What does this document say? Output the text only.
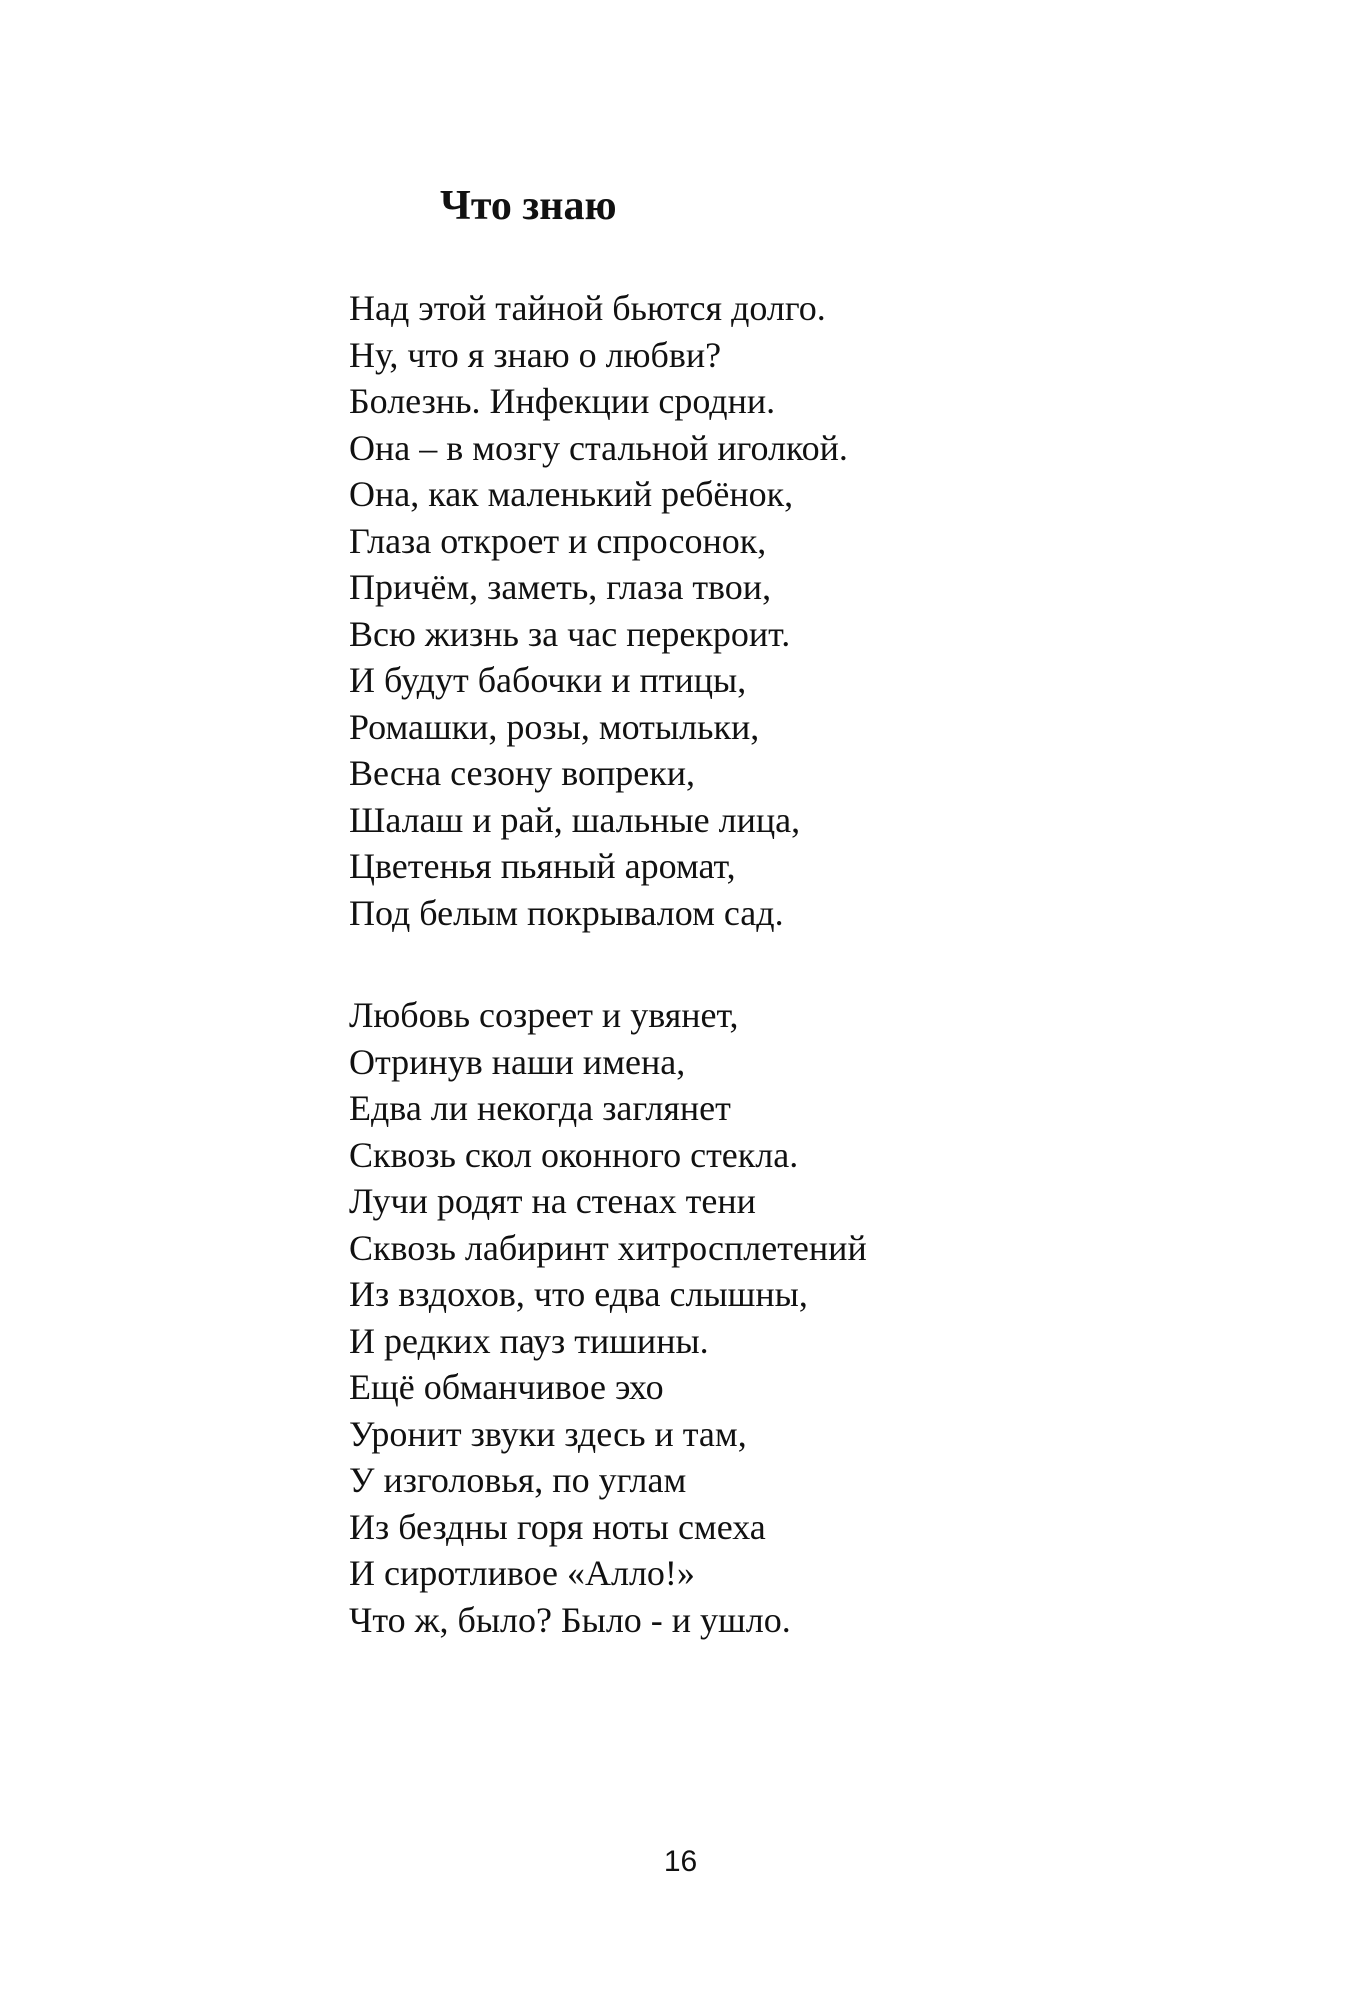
Что знаю
Над этой тайной бьются долго.
Ну, что я знаю о любви?
Болезнь. Инфекции сродни.
Она – в мозгу стальной иголкой.
Она, как маленький ребёнок,
Глаза откроет и спросонок,
Причём, заметь, глаза твои,
Всю жизнь за час перекроит.
И будут бабочки и птицы,
Ромашки, розы, мотыльки,
Весна сезону вопреки,
Шалаш и рай, шальные лица,
Цветенья пьяный аромат,
Под белым покрывалом сад.
Любовь созреет и увянет,
Отринув наши имена,
Едва ли некогда заглянет
Сквозь скол оконного стекла.
Лучи родят на стенах тени
Сквозь лабиринт хитросплетений
Из вздохов, что едва слышны,
И редких пауз тишины.
Ещё обманчивое эхо
Уронит звуки здесь и там,
У изголовья, по углам
Из бездны горя ноты смеха
И сиротливое «Алло!»
Что ж, было? Было - и ушло.
16
